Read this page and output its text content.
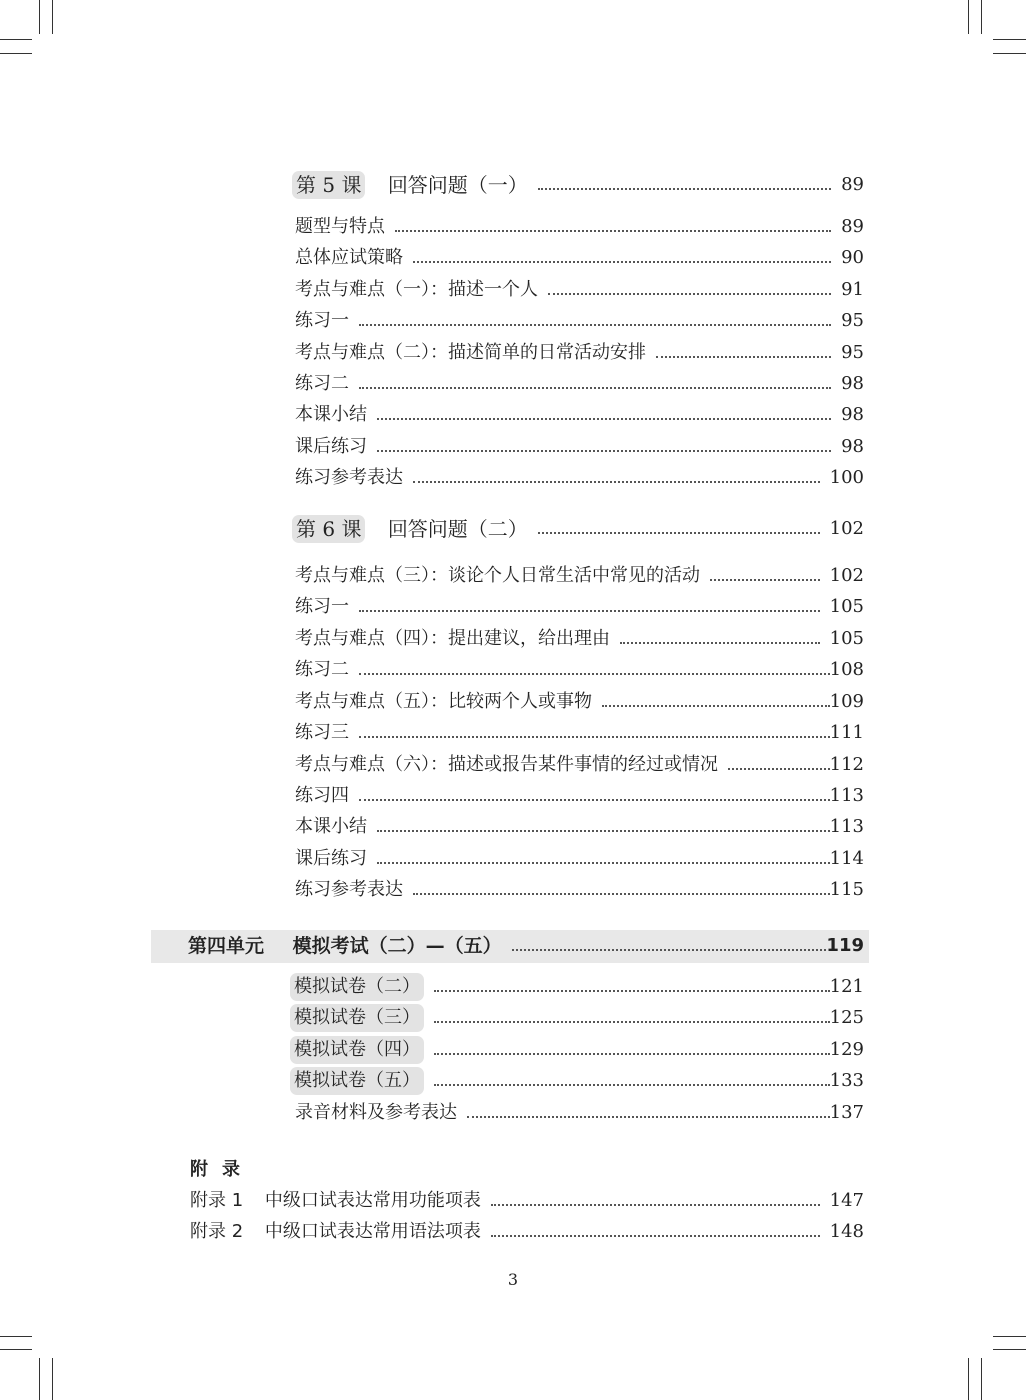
第 5 课 回答问题（一）	89
题型与特点	89
总体应试策略	90
考点与难点（一）：描述一个人	91
练习一	95
考点与难点（二）：描述简单的日常活动安排	95
练习二	98
本课小结	98
课后练习	98
练习参考表达	100
第 6 课 回答问题（二）	102
考点与难点（三）：谈论个人日常生活中常见的活动	102
练习一	105
考点与难点（四）：提出建议，给出理由	105
练习二	108
考点与难点（五）：比较两个人或事物	109
练习三	111
考点与难点（六）：描述或报告某件事情的经过或情况	112
练习四	113
本课小结	113
课后练习	114
练习参考表达	115
第四单元 模拟考试（二）—（五）	119
模拟试卷（二）	121
模拟试卷（三）	125
模拟试卷（四）	129
模拟试卷（五）	133
录音材料及参考表达	137
附录
附录 1 中级口试表达常用功能项表	147
附录 2 中级口试表达常用语法项表	148
3
